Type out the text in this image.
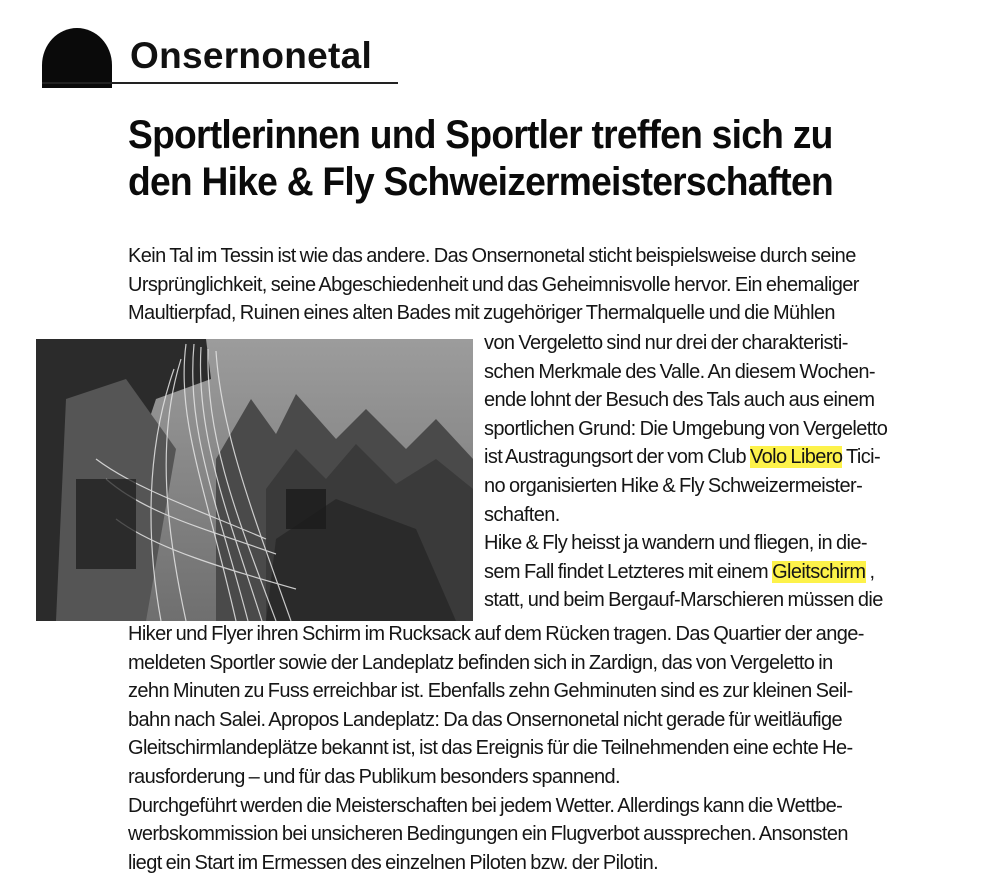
Onsernonetal
Sportlerinnen und Sportler treffen sich zu
den Hike & Fly Schweizermeisterschaften
Kein Tal im Tessin ist wie das andere. Das Onsernonetal sticht beispielsweise durch seine
Ursprünglichkeit, seine Abgeschiedenheit und das Geheimnisvolle hervor. Ein ehemaliger
Maultierpfad, Ruinen eines alten Bades mit zugehöriger Thermalquelle und die Mühlen
von Vergeletto sind nur drei der charakteristi-
schen Merkmale des Valle. An diesem Wochen-
ende lohnt der Besuch des Tals auch aus einem
sportlichen Grund: Die Umgebung von Vergeletto
ist Austragungsort der vom Club Volo Libero Tici-
no organisierten Hike & Fly Schweizermeister-
schaften.
Hike & Fly heisst ja wandern und fliegen, in die-
sem Fall findet Letzteres mit einem Gleitschirm ,
statt, und beim Bergauf-Marschieren müssen die
Hiker und Flyer ihren Schirm im Rucksack auf dem Rücken tragen. Das Quartier der ange-
meldeten Sportler sowie der Landeplatz befinden sich in Zardign, das von Vergeletto in
zehn Minuten zu Fuss erreichbar ist. Ebenfalls zehn Gehminuten sind es zur kleinen Seil-
bahn nach Salei. Apropos Landeplatz: Da das Onsernonetal nicht gerade für weitläufige
Gleitschirmlandeplätze bekannt ist, ist das Ereignis für die Teilnehmenden eine echte He-
rausforderung – und für das Publikum besonders spannend.
Durchgeführt werden die Meisterschaften bei jedem Wetter. Allerdings kann die Wettbe-
werbskommission bei unsicheren Bedingungen ein Flugverbot aussprechen. Ansonsten
liegt ein Start im Ermessen des einzelnen Piloten bzw. der Pilotin.
